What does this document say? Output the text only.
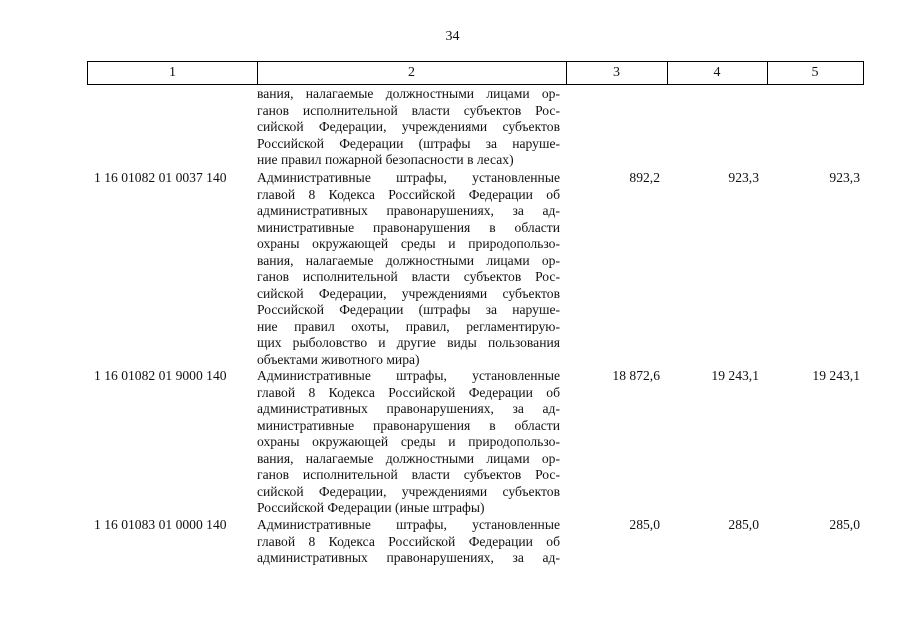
34
1	2	3	4	5
вания, налагаемые должностными лицами ор-
ганов исполнительной власти субъектов Рос-
сийской Федерации, учреждениями субъектов
Российской Федерации (штрафы за наруше-
ние правил пожарной безопасности в лесах)
1 16 01082 01 0037 140	Административные штрафы, установленные
главой 8 Кодекса Российской Федерации об
административных правонарушениях, за ад-
министративные правонарушения в области
охраны окружающей среды и природопользо-
вания, налагаемые должностными лицами ор-
ганов исполнительной власти субъектов Рос-
сийской Федерации, учреждениями субъектов
Российской Федерации (штрафы за наруше-
ние правил охоты, правил, регламентирую-
щих рыболовство и другие виды пользования
объектами животного мира)
892,2	923,3	923,3
1 16 01082 01 9000 140	Административные штрафы, установленные
главой 8 Кодекса Российской Федерации об
административных правонарушениях, за ад-
министративные правонарушения в области
охраны окружающей среды и природопользо-
вания, налагаемые должностными лицами ор-
ганов исполнительной власти субъектов Рос-
сийской Федерации, учреждениями субъектов
Российской Федерации (иные штрафы)
18 872,6	19 243,1	19 243,1
1 16 01083 01 0000 140	Административные штрафы, установленные
главой 8 Кодекса Российской Федерации об
административных правонарушениях, за ад-
285,0	285,0	285,0
